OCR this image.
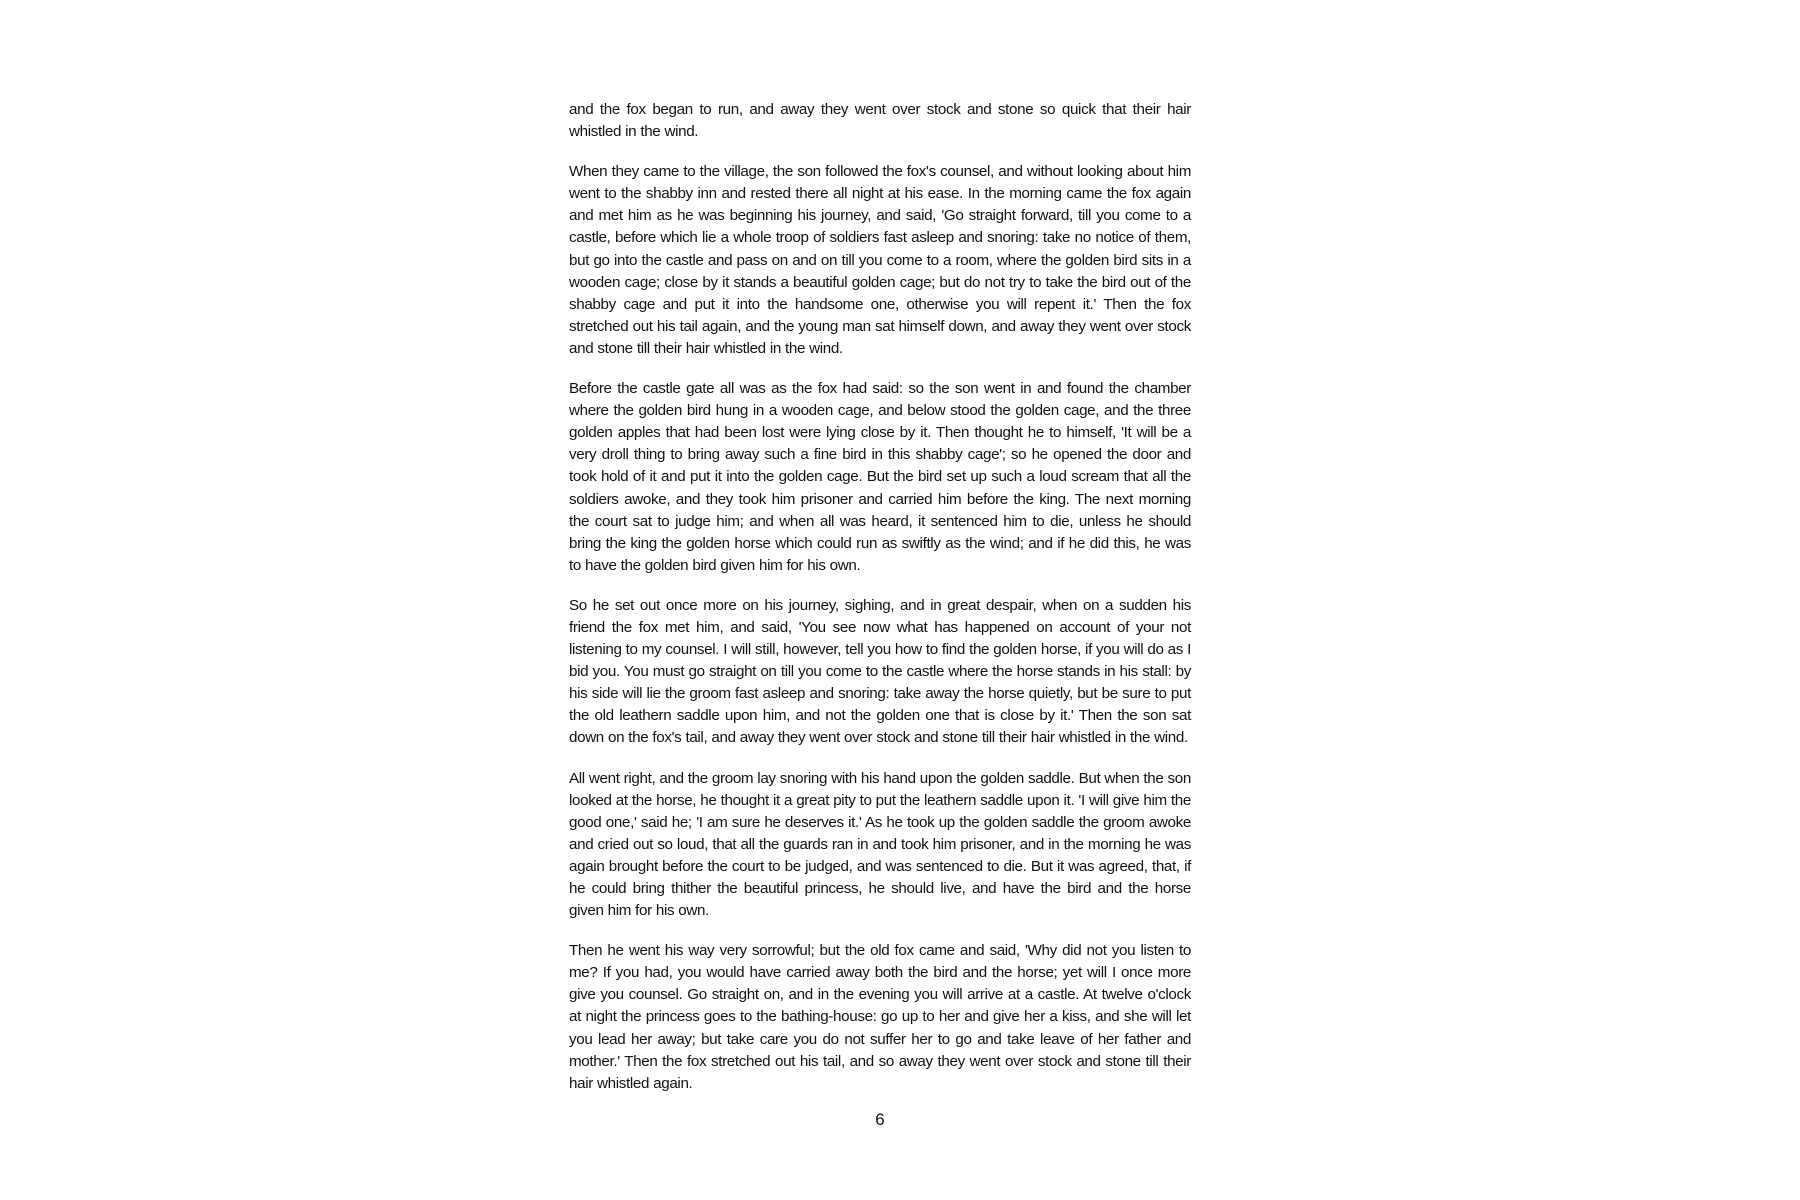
and the fox began to run, and away they went over stock and stone so quick that their hair whistled in the wind.

When they came to the village, the son followed the fox's counsel, and without looking about him went to the shabby inn and rested there all night at his ease. In the morning came the fox again and met him as he was beginning his journey, and said, 'Go straight forward, till you come to a castle, before which lie a whole troop of soldiers fast asleep and snoring: take no notice of them, but go into the castle and pass on and on till you come to a room, where the golden bird sits in a wooden cage; close by it stands a beautiful golden cage; but do not try to take the bird out of the shabby cage and put it into the handsome one, otherwise you will repent it.' Then the fox stretched out his tail again, and the young man sat himself down, and away they went over stock and stone till their hair whistled in the wind.

Before the castle gate all was as the fox had said: so the son went in and found the chamber where the golden bird hung in a wooden cage, and below stood the golden cage, and the three golden apples that had been lost were lying close by it. Then thought he to himself, 'It will be a very droll thing to bring away such a fine bird in this shabby cage'; so he opened the door and took hold of it and put it into the golden cage. But the bird set up such a loud scream that all the soldiers awoke, and they took him prisoner and carried him before the king. The next morning the court sat to judge him; and when all was heard, it sentenced him to die, unless he should bring the king the golden horse which could run as swiftly as the wind; and if he did this, he was to have the golden bird given him for his own.

So he set out once more on his journey, sighing, and in great despair, when on a sudden his friend the fox met him, and said, 'You see now what has happened on account of your not listening to my counsel. I will still, however, tell you how to find the golden horse, if you will do as I bid you. You must go straight on till you come to the castle where the horse stands in his stall: by his side will lie the groom fast asleep and snoring: take away the horse quietly, but be sure to put the old leathern saddle upon him, and not the golden one that is close by it.' Then the son sat down on the fox's tail, and away they went over stock and stone till their hair whistled in the wind.

All went right, and the groom lay snoring with his hand upon the golden saddle. But when the son looked at the horse, he thought it a great pity to put the leathern saddle upon it. 'I will give him the good one,' said he; 'I am sure he deserves it.' As he took up the golden saddle the groom awoke and cried out so loud, that all the guards ran in and took him prisoner, and in the morning he was again brought before the court to be judged, and was sentenced to die. But it was agreed, that, if he could bring thither the beautiful princess, he should live, and have the bird and the horse given him for his own.

Then he went his way very sorrowful; but the old fox came and said, 'Why did not you listen to me? If you had, you would have carried away both the bird and the horse; yet will I once more give you counsel. Go straight on, and in the evening you will arrive at a castle. At twelve o'clock at night the princess goes to the bathing-house: go up to her and give her a kiss, and she will let you lead her away; but take care you do not suffer her to go and take leave of her father and mother.' Then the fox stretched out his tail, and so away they went over stock and stone till their hair whistled again.

6
